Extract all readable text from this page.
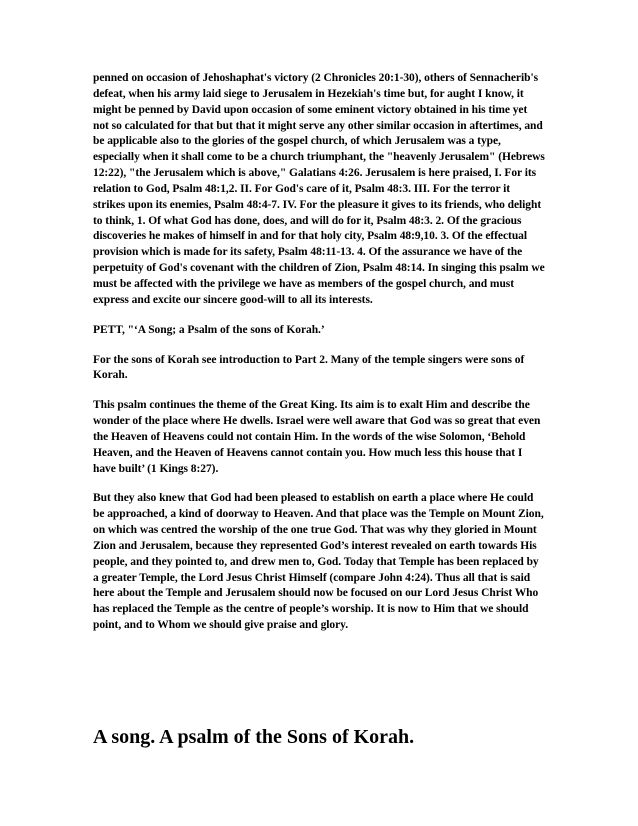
penned on occasion of Jehoshaphat's victory (2 Chronicles 20:1-30), others of Sennacherib's defeat, when his army laid siege to Jerusalem in Hezekiah's time but, for aught I know, it might be penned by David upon occasion of some eminent victory obtained in his time yet not so calculated for that but that it might serve any other similar occasion in aftertimes, and be applicable also to the glories of the gospel church, of which Jerusalem was a type, especially when it shall come to be a church triumphant, the "heavenly Jerusalem" (Hebrews 12:22), "the Jerusalem which is above," Galatians 4:26. Jerusalem is here praised, I. For its relation to God, Psalm 48:1,2. II. For God's care of it, Psalm 48:3. III. For the terror it strikes upon its enemies, Psalm 48:4-7. IV. For the pleasure it gives to its friends, who delight to think, 1. Of what God has done, does, and will do for it, Psalm 48:3. 2. Of the gracious discoveries he makes of himself in and for that holy city, Psalm 48:9,10. 3. Of the effectual provision which is made for its safety, Psalm 48:11-13. 4. Of the assurance we have of the perpetuity of God's covenant with the children of Zion, Psalm 48:14. In singing this psalm we must be affected with the privilege we have as members of the gospel church, and must express and excite our sincere good-will to all its interests.

PETT, "‘A Song; a Psalm of the sons of Korah.’

For the sons of Korah see introduction to Part 2. Many of the temple singers were sons of Korah.

This psalm continues the theme of the Great King. Its aim is to exalt Him and describe the wonder of the place where He dwells. Israel were well aware that God was so great that even the Heaven of Heavens could not contain Him. In the words of the wise Solomon, ‘Behold Heaven, and the Heaven of Heavens cannot contain you. How much less this house that I have built’ (1 Kings 8:27).

But they also knew that God had been pleased to establish on earth a place where He could be approached, a kind of doorway to Heaven. And that place was the Temple on Mount Zion, on which was centred the worship of the one true God. That was why they gloried in Mount Zion and Jerusalem, because they represented God’s interest revealed on earth towards His people, and they pointed to, and drew men to, God. Today that Temple has been replaced by a greater Temple, the Lord Jesus Christ Himself (compare John 4:24). Thus all that is said here about the Temple and Jerusalem should now be focused on our Lord Jesus Christ Who has replaced the Temple as the centre of people’s worship. It is now to Him that we should point, and to Whom we should give praise and glory.

A song. A psalm of the Sons of Korah.
